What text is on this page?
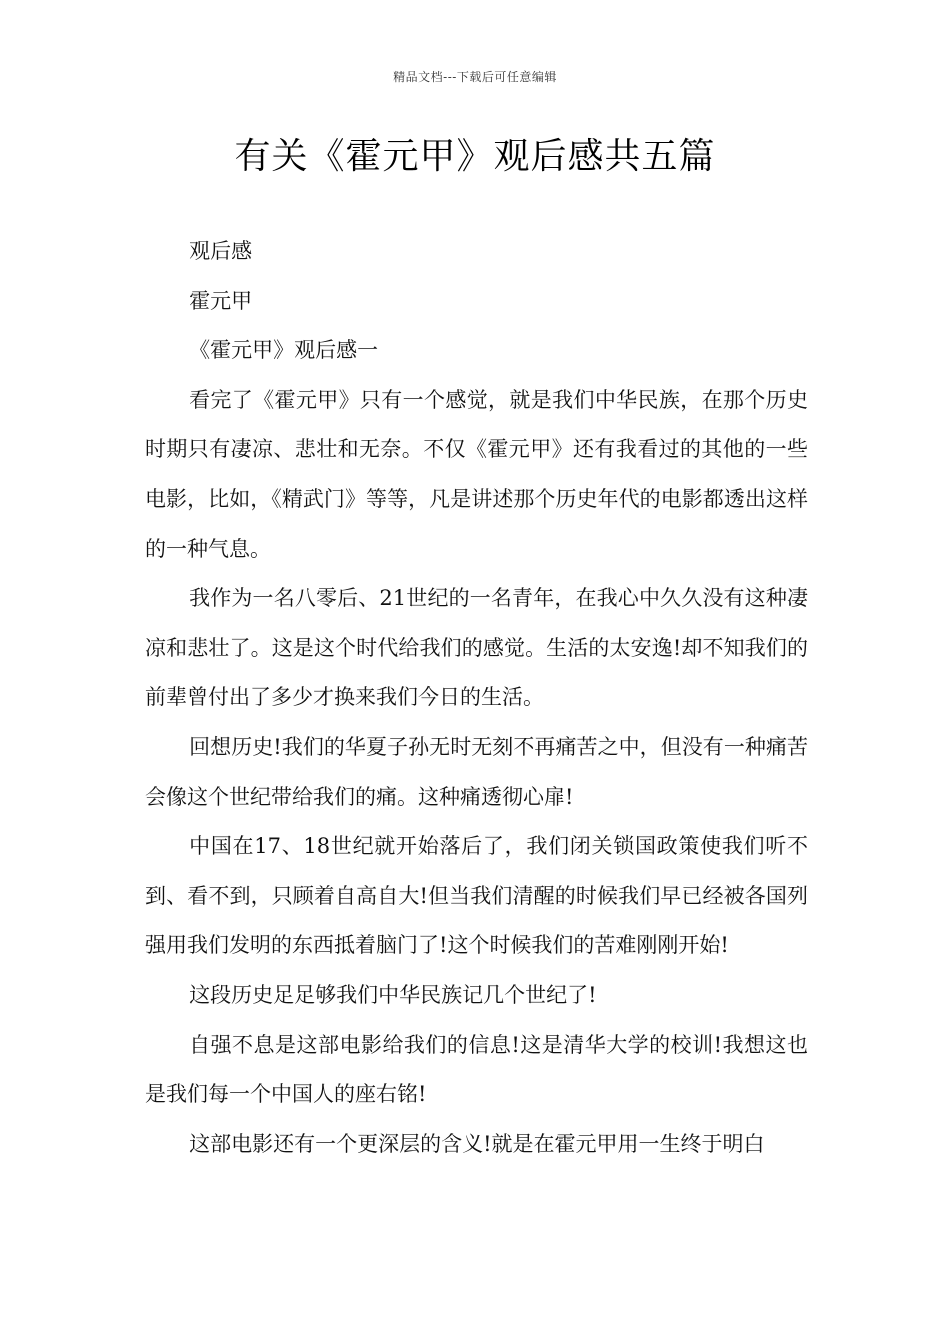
精品文档---下载后可任意编辑
有关《霍元甲》观后感共五篇

观后感

霍元甲

《霍元甲》观后感一

看完了《霍元甲》只有一个感觉，就是我们中华民族，在那个历史时期只有凄凉、悲壮和无奈。不仅《霍元甲》还有我看过的其他的一些电影，比如，《精武门》等等，凡是讲述那个历史年代的电影都透出这样的一种气息。

我作为一名八零后、21世纪的一名青年，在我心中久久没有这种凄凉和悲壮了。这是这个时代给我们的感觉。生活的太安逸!却不知我们的前辈曾付出了多少才换来我们今日的生活。

回想历史!我们的华夏子孙无时无刻不再痛苦之中，但没有一种痛苦会像这个世纪带给我们的痛。这种痛透彻心扉!

中国在17、18世纪就开始落后了，我们闭关锁国政策使我们听不到、看不到，只顾着自高自大!但当我们清醒的时候我们早已经被各国列强用我们发明的东西抵着脑门了!这个时候我们的苦难刚刚开始!

这段历史足足够我们中华民族记几个世纪了!

自强不息是这部电影给我们的信息!这是清华大学的校训!我想这也是我们每一个中国人的座右铭!

这部电影还有一个更深层的含义!就是在霍元甲用一生终于明白
